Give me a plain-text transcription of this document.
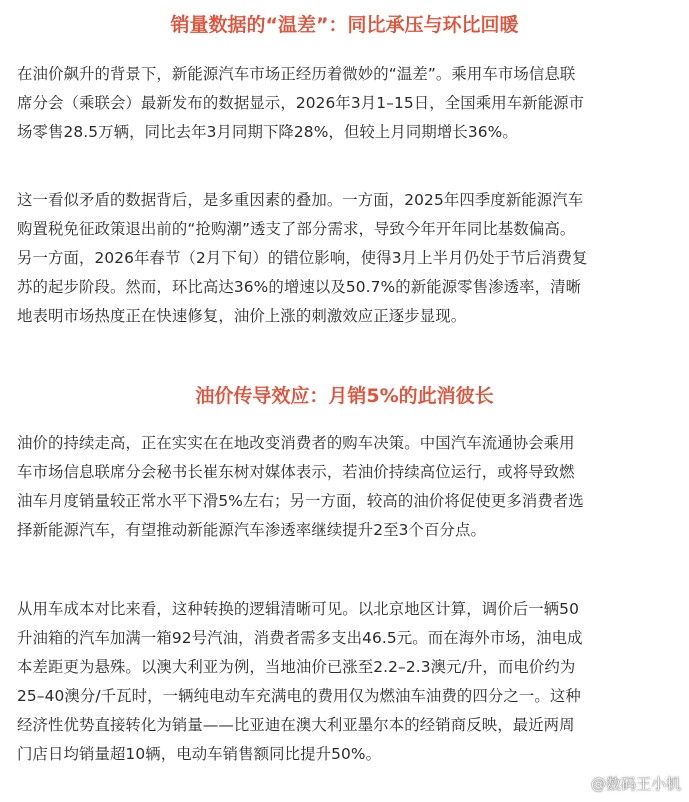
销量数据的“温差”：同比承压与环比回暖
在油价飙升的背景下，新能源汽车市场正经历着微妙的“温差”。乘用车市场信息联
席分会（乘联会）最新发布的数据显示，2026年3月1–15日，全国乘用车新能源市
场零售28.5万辆，同比去年3月同期下降28%，但较上月同期增长36%。
这一看似矛盾的数据背后，是多重因素的叠加。一方面，2025年四季度新能源汽车
购置税免征政策退出前的“抢购潮”透支了部分需求，导致今年开年同比基数偏高。
另一方面，2026年春节（2月下旬）的错位影响，使得3月上半月仍处于节后消费复
苏的起步阶段。然而，环比高达36%的增速以及50.7%的新能源零售渗透率，清晰
地表明市场热度正在快速修复，油价上涨的刺激效应正逐步显现。
油价传导效应：月销5%的此消彼长
油价的持续走高，正在实实在在地改变消费者的购车决策。中国汽车流通协会乘用
车市场信息联席分会秘书长崔东树对媒体表示，若油价持续高位运行，或将导致燃
油车月度销量较正常水平下滑5%左右；另一方面，较高的油价将促使更多消费者选
择新能源汽车，有望推动新能源汽车渗透率继续提升2至3个百分点。
从用车成本对比来看，这种转换的逻辑清晰可见。以北京地区计算，调价后一辆50
升油箱的汽车加满一箱92号汽油，消费者需多支出46.5元。而在海外市场，油电成
本差距更为悬殊。以澳大利亚为例，当地油价已涨至2.2–2.3澳元/升，而电价约为
25–40澳分/千瓦时，一辆纯电动车充满电的费用仅为燃油车油费的四分之一。这种
经济性优势直接转化为销量——比亚迪在澳大利亚墨尔本的经销商反映，最近两周
门店日均销量超10辆，电动车销售额同比提升50%。
@数码王小机
